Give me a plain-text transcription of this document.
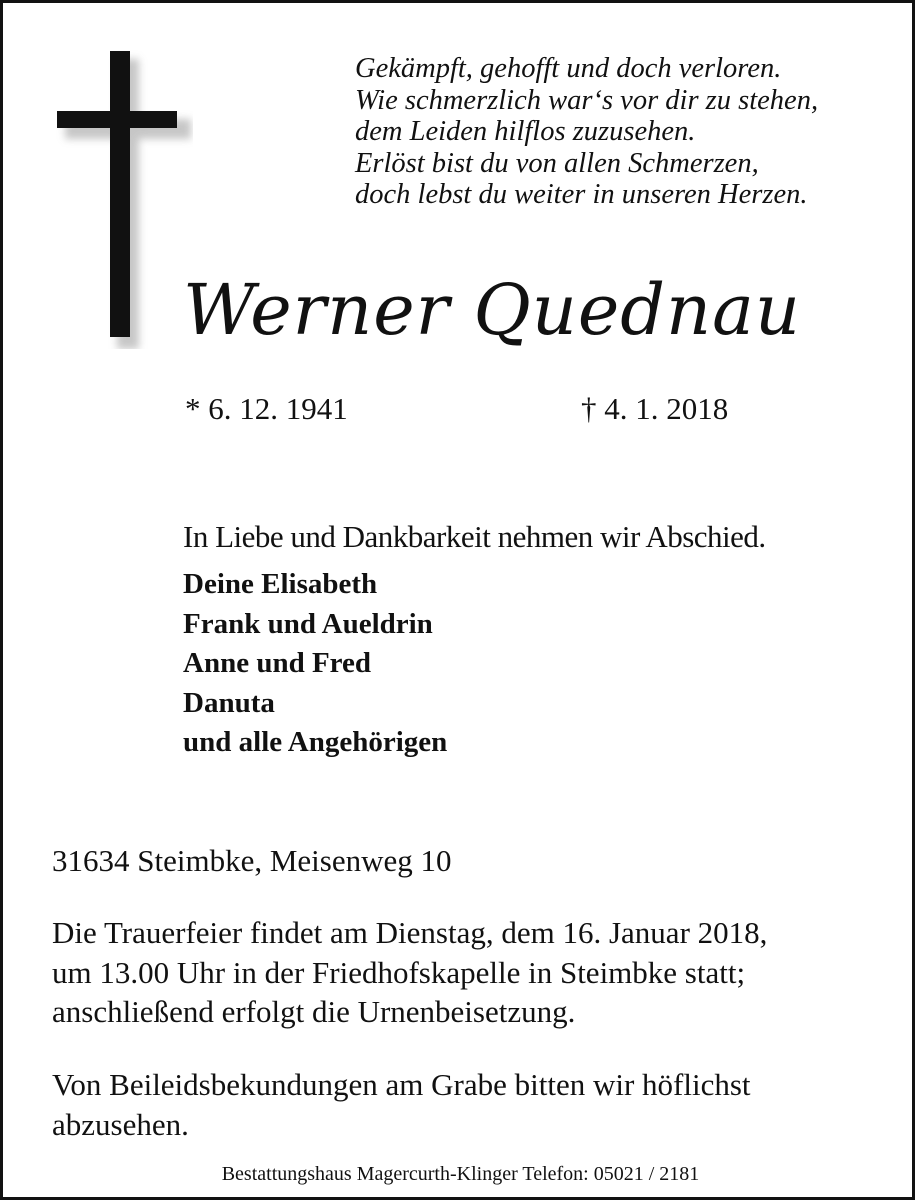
Gekämpft, gehofft und doch verloren.
Wie schmerzlich war‘s vor dir zu stehen,
dem Leiden hilflos zuzusehen.
Erlöst bist du von allen Schmerzen,
doch lebst du weiter in unseren Herzen.
Werner Quednau
* 6. 12. 1941	† 4. 1. 2018
In Liebe und Dankbarkeit nehmen wir Abschied.
Deine Elisabeth
Frank und Aueldrin
Anne und Fred
Danuta
und alle Angehörigen
31634 Steimbke, Meisenweg 10
Die Trauerfeier findet am Dienstag, dem 16. Januar 2018,
um 13.00 Uhr in der Friedhofskapelle in Steimbke statt;
anschließend erfolgt die Urnenbeisetzung.
Von Beileidsbekundungen am Grabe bitten wir höflichst
abzusehen.
Bestattungshaus Magercurth-Klinger Telefon: 05021 / 2181
